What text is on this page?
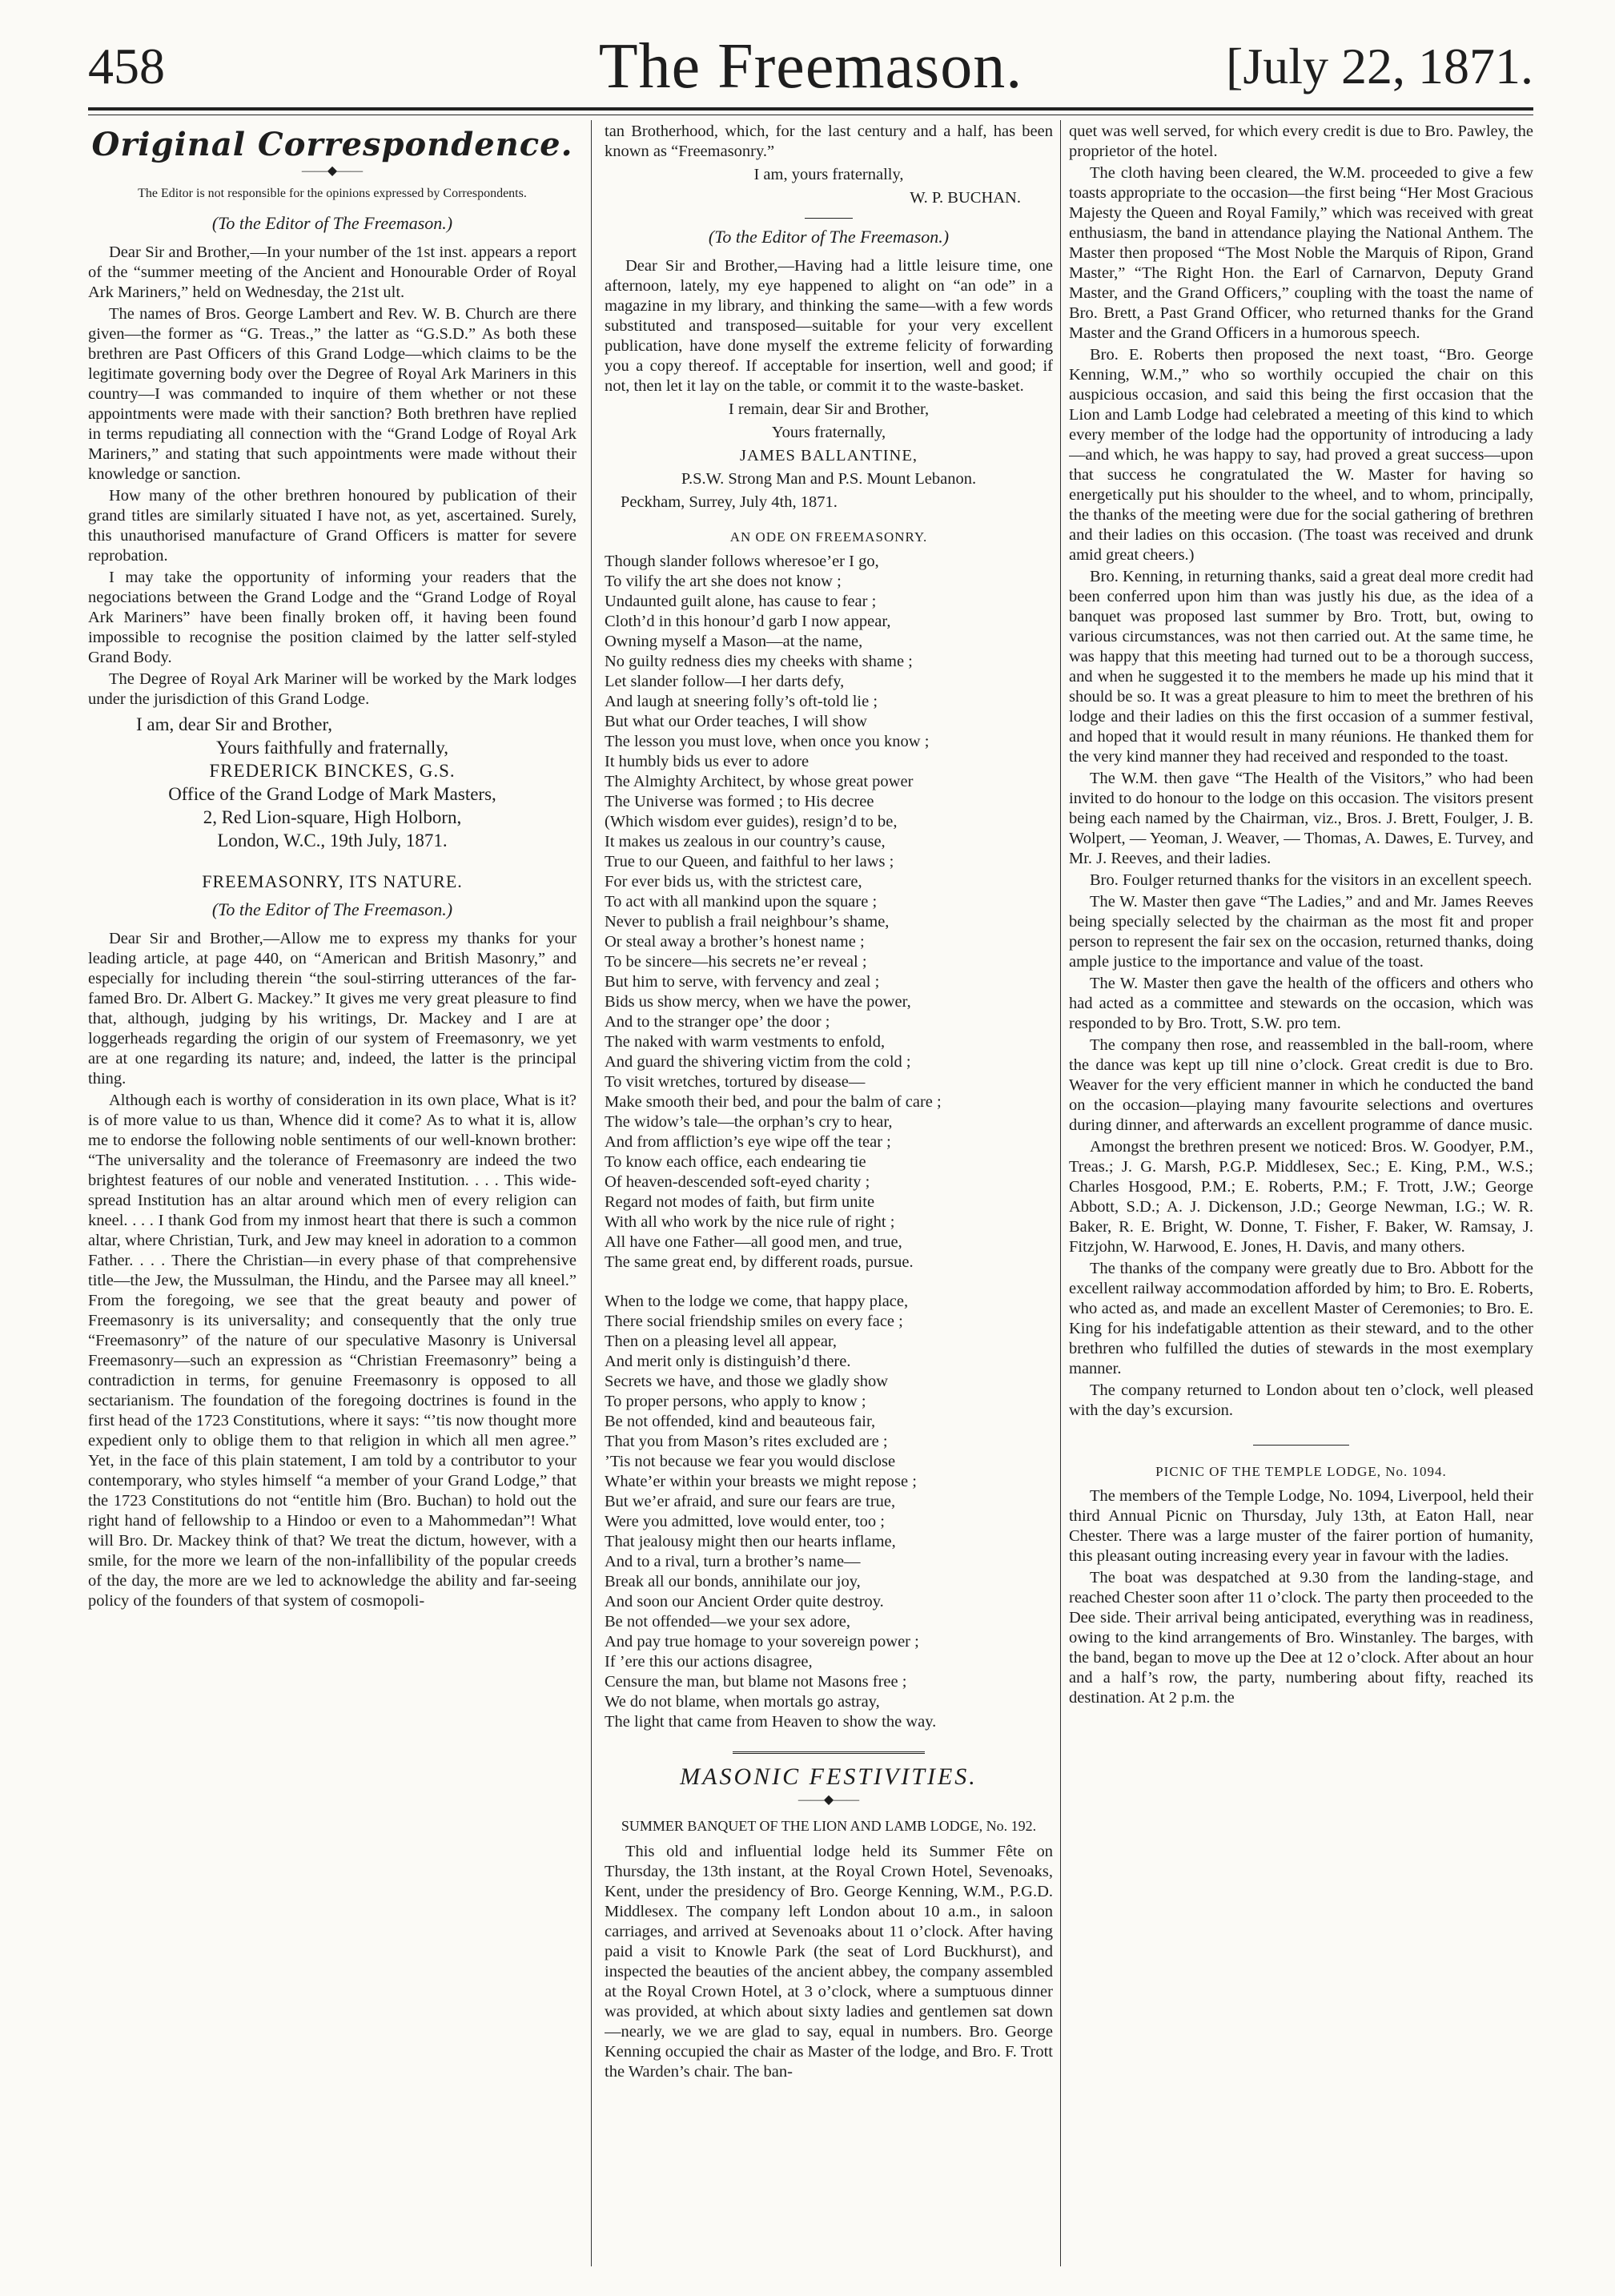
458	The Freemason.	[July 22, 1871.
Original Correspondence.
——◆——
The Editor is not responsible for the opinions expressed by Correspondents.
(To the Editor of The Freemason.)

Dear Sir and Brother,—In your number of the 1st inst. appears a report of the “summer meeting of the Ancient and Honourable Order of Royal Ark Mariners,” held on Wednesday, the 21st ult.

The names of Bros. George Lambert and Rev. W. B. Church are there given—the former as “G. Treas.,” the latter as “G.S.D.” As both these brethren are Past Officers of this Grand Lodge—which claims to be the legitimate governing body over the Degree of Royal Ark Mariners in this country—I was commanded to inquire of them whether or not these appointments were made with their sanction? Both brethren have replied in terms repudiating all connection with the “Grand Lodge of Royal Ark Mariners,” and stating that such appointments were made without their knowledge or sanction.

How many of the other brethren honoured by publication of their grand titles are similarly situated I have not, as yet, ascertained. Surely, this unauthorised manufacture of Grand Officers is matter for severe reprobation.

I may take the opportunity of informing your readers that the negociations between the Grand Lodge and the “Grand Lodge of Royal Ark Mariners” have been finally broken off, it having been found impossible to recognise the position claimed by the latter self-styled Grand Body.

The Degree of Royal Ark Mariner will be worked by the Mark lodges under the jurisdiction of this Grand Lodge.

I am, dear Sir and Brother,
Yours faithfully and fraternally,
FREDERICK BINCKES, G.S.
Office of the Grand Lodge of Mark Masters,
2, Red Lion-square, High Holborn,
London, W.C., 19th July, 1871.
FREEMASONRY, ITS NATURE.
(To the Editor of The Freemason.)

Dear Sir and Brother,—Allow me to express my thanks for your leading article, at page 440, on “American and British Masonry,” and especially for including therein “the soul-stirring utterances of the far-famed Bro. Dr. Albert G. Mackey.” It gives me very great pleasure to find that, although, judging by his writings, Dr. Mackey and I are at loggerheads regarding the origin of our system of Freemasonry, we yet are at one regarding its nature; and, indeed, the latter is the principal thing.

Although each is worthy of consideration in its own place, What is it? is of more value to us than, Whence did it come? As to what it is, allow me to endorse the following noble sentiments of our well-known brother: “The universality and the tolerance of Freemasonry are indeed the two brightest features of our noble and venerated Institution. . . . This wide-spread Institution has an altar around which men of every religion can kneel. . . . I thank God from my inmost heart that there is such a common altar, where Christian, Turk, and Jew may kneel in adoration to a common Father. . . . There the Christian—in every phase of that comprehensive title—the Jew, the Mussulman, the Hindu, and the Parsee may all kneel.” From the foregoing, we see that the great beauty and power of Freemasonry is its universality; and consequently that the only true “Freemasonry” of the nature of our speculative Masonry is Universal Freemasonry—such an expression as “Christian Freemasonry” being a contradiction in terms, for genuine Freemasonry is opposed to all sectarianism. The foundation of the foregoing doctrines is found in the first head of the 1723 Constitutions, where it says: “’tis now thought more expedient only to oblige them to that religion in which all men agree.” Yet, in the face of this plain statement, I am told by a contributor to your contemporary, who styles himself “a member of your Grand Lodge,” that the 1723 Constitutions do not “entitle him (Bro. Buchan) to hold out the right hand of fellowship to a Hindoo or even to a Mahommedan”! What will Bro. Dr. Mackey think of that? We treat the dictum, however, with a smile, for the more we learn of the non-infallibility of the popular creeds of the day, the more are we led to acknowledge the ability and far-seeing policy of the founders of that system of cosmopoli-

tan Brotherhood, which, for the last century and a half, has been known as “Freemasonry.”

I am, yours fraternally,
W. P. BUCHAN.
(To the Editor of The Freemason.)

Dear Sir and Brother,—Having had a little leisure time, one afternoon, lately, my eye happened to alight on “an ode” in a magazine in my library, and thinking the same—with a few words substituted and transposed—suitable for your very excellent publication, have done myself the extreme felicity of forwarding you a copy thereof. If acceptable for insertion, well and good; if not, then let it lay on the table, or commit it to the waste-basket.

I remain, dear Sir and Brother,
Yours fraternally,
JAMES BALLANTINE,
P.S.W. Strong Man and P.S. Mount Lebanon.
Peckham, Surrey, July 4th, 1871.
AN ODE ON FREEMASONRY.
Though slander follows wheresoe’er I go,
To vilify the art she does not know ;
Undaunted guilt alone, has cause to fear ;
Cloth’d in this honour’d garb I now appear,
Owning myself a Mason—at the name,
No guilty redness dies my cheeks with shame ;
Let slander follow—I her darts defy,
And laugh at sneering folly’s oft-told lie ;
But what our Order teaches, I will show
The lesson you must love, when once you know ;
It humbly bids us ever to adore
The Almighty Architect, by whose great power
The Universe was formed ; to His decree
(Which wisdom ever guides), resign’d to be,
It makes us zealous in our country’s cause,
True to our Queen, and faithful to her laws ;
For ever bids us, with the strictest care,
To act with all mankind upon the square ;
Never to publish a frail neighbour’s shame,
Or steal away a brother’s honest name ;
To be sincere—his secrets ne’er reveal ;
But him to serve, with fervency and zeal ;
Bids us show mercy, when we have the power,
And to the stranger ope’ the door ;
The naked with warm vestments to enfold,
And guard the shivering victim from the cold ;
To visit wretches, tortured by disease—
Make smooth their bed, and pour the balm of care ;
The widow’s tale—the orphan’s cry to hear,
And from affliction’s eye wipe off the tear ;
To know each office, each endearing tie
Of heaven-descended soft-eyed charity ;
Regard not modes of faith, but firm unite
With all who work by the nice rule of right ;
All have one Father—all good men, and true,
The same great end, by different roads, pursue.
When to the lodge we come, that happy place,
There social friendship smiles on every face ;
Then on a pleasing level all appear,
And merit only is distinguish’d there.
Secrets we have, and those we gladly show
To proper persons, who apply to know ;
Be not offended, kind and beauteous fair,
That you from Mason’s rites excluded are ;
’Tis not because we fear you would disclose
Whate’er within your breasts we might repose ;
But we’er afraid, and sure our fears are true,
Were you admitted, love would enter, too ;
That jealousy might then our hearts inflame,
And to a rival, turn a brother’s name—
Break all our bonds, annihilate our joy,
And soon our Ancient Order quite destroy.
Be not offended—we your sex adore,
And pay true homage to your sovereign power ;
If ’ere this our actions disagree,
Censure the man, but blame not Masons free ;
We do not blame, when mortals go astray,
The light that came from Heaven to show the way.
MASONIC FESTIVITIES.
——◆——
SUMMER BANQUET OF THE LION AND LAMB LODGE, No. 192.

This old and influential lodge held its Summer Fête on Thursday, the 13th instant, at the Royal Crown Hotel, Sevenoaks, Kent, under the presidency of Bro. George Kenning, W.M., P.G.D. Middlesex. The company left London about 10 a.m., in saloon carriages, and arrived at Sevenoaks about 11 o’clock. After having paid a visit to Knowle Park (the seat of Lord Buckhurst), and inspected the beauties of the ancient abbey, the company assembled at the Royal Crown Hotel, at 3 o’clock, where a sumptuous dinner was provided, at which about sixty ladies and gentlemen sat down—nearly, we we are glad to say, equal in numbers. Bro. George Kenning occupied the chair as Master of the lodge, and Bro. F. Trott the Warden’s chair. The ban-

quet was well served, for which every credit is due to Bro. Pawley, the proprietor of the hotel.

The cloth having been cleared, the W.M. proceeded to give a few toasts appropriate to the occasion—the first being “Her Most Gracious Majesty the Queen and Royal Family,” which was received with great enthusiasm, the band in attendance playing the National Anthem. The Master then proposed “The Most Noble the Marquis of Ripon, Grand Master,” “The Right Hon. the Earl of Carnarvon, Deputy Grand Master, and the Grand Officers,” coupling with the toast the name of Bro. Brett, a Past Grand Officer, who returned thanks for the Grand Master and the Grand Officers in a humorous speech.

Bro. E. Roberts then proposed the next toast, “Bro. George Kenning, W.M.,” who so worthily occupied the chair on this auspicious occasion, and said this being the first occasion that the Lion and Lamb Lodge had celebrated a meeting of this kind to which every member of the lodge had the opportunity of introducing a lady—and which, he was happy to say, had proved a great success—upon that success he congratulated the W. Master for having so energetically put his shoulder to the wheel, and to whom, principally, the thanks of the meeting were due for the social gathering of brethren and their ladies on this occasion. (The toast was received and drunk amid great cheers.)

Bro. Kenning, in returning thanks, said a great deal more credit had been conferred upon him than was justly his due, as the idea of a banquet was proposed last summer by Bro. Trott, but, owing to various circumstances, was not then carried out. At the same time, he was happy that this meeting had turned out to be a thorough success, and when he suggested it to the members he made up his mind that it should be so. It was a great pleasure to him to meet the brethren of his lodge and their ladies on this the first occasion of a summer festival, and hoped that it would result in many réunions. He thanked them for the very kind manner they had received and responded to the toast.

The W.M. then gave “The Health of the Visitors,” who had been invited to do honour to the lodge on this occasion. The visitors present being each named by the Chairman, viz., Bros. J. Brett, Foulger, J. B. Wolpert, — Yeoman, J. Weaver, — Thomas, A. Dawes, E. Turvey, and Mr. J. Reeves, and their ladies.

Bro. Foulger returned thanks for the visitors in an excellent speech.

The W. Master then gave “The Ladies,” and and Mr. James Reeves being specially selected by the chairman as the most fit and proper person to represent the fair sex on the occasion, returned thanks, doing ample justice to the importance and value of the toast.

The W. Master then gave the health of the officers and others who had acted as a committee and stewards on the occasion, which was responded to by Bro. Trott, S.W. pro tem.

The company then rose, and reassembled in the ball-room, where the dance was kept up till nine o’clock. Great credit is due to Bro. Weaver for the very efficient manner in which he conducted the band on the occasion—playing many favourite selections and overtures during dinner, and afterwards an excellent programme of dance music.

Amongst the brethren present we noticed: Bros. W. Goodyer, P.M., Treas.; J. G. Marsh, P.G.P. Middlesex, Sec.; E. King, P.M., W.S.; Charles Hosgood, P.M.; E. Roberts, P.M.; F. Trott, J.W.; George Abbott, S.D.; A. J. Dickenson, J.D.; George Newman, I.G.; W. R. Baker, R. E. Bright, W. Donne, T. Fisher, F. Baker, W. Ramsay, J. Fitzjohn, W. Harwood, E. Jones, H. Davis, and many others.

The thanks of the company were greatly due to Bro. Abbott for the excellent railway accommodation afforded by him; to Bro. E. Roberts, who acted as, and made an excellent Master of Ceremonies; to Bro. E. King for his indefatigable attention as their steward, and to the other brethren who fulfilled the duties of stewards in the most exemplary manner.

The company returned to London about ten o’clock, well pleased with the day’s excursion.

PICNIC OF THE TEMPLE LODGE, No. 1094.

The members of the Temple Lodge, No. 1094, Liverpool, held their third Annual Picnic on Thursday, July 13th, at Eaton Hall, near Chester. There was a large muster of the fairer portion of humanity, this pleasant outing increasing every year in favour with the ladies.

The boat was despatched at 9.30 from the landing-stage, and reached Chester soon after 11 o’clock. The party then proceeded to the Dee side. Their arrival being anticipated, everything was in readiness, owing to the kind arrangements of Bro. Winstanley. The barges, with the band, began to move up the Dee at 12 o’clock. After about an hour and a half’s row, the party, numbering about fifty, reached its destination. At 2 p.m. the
